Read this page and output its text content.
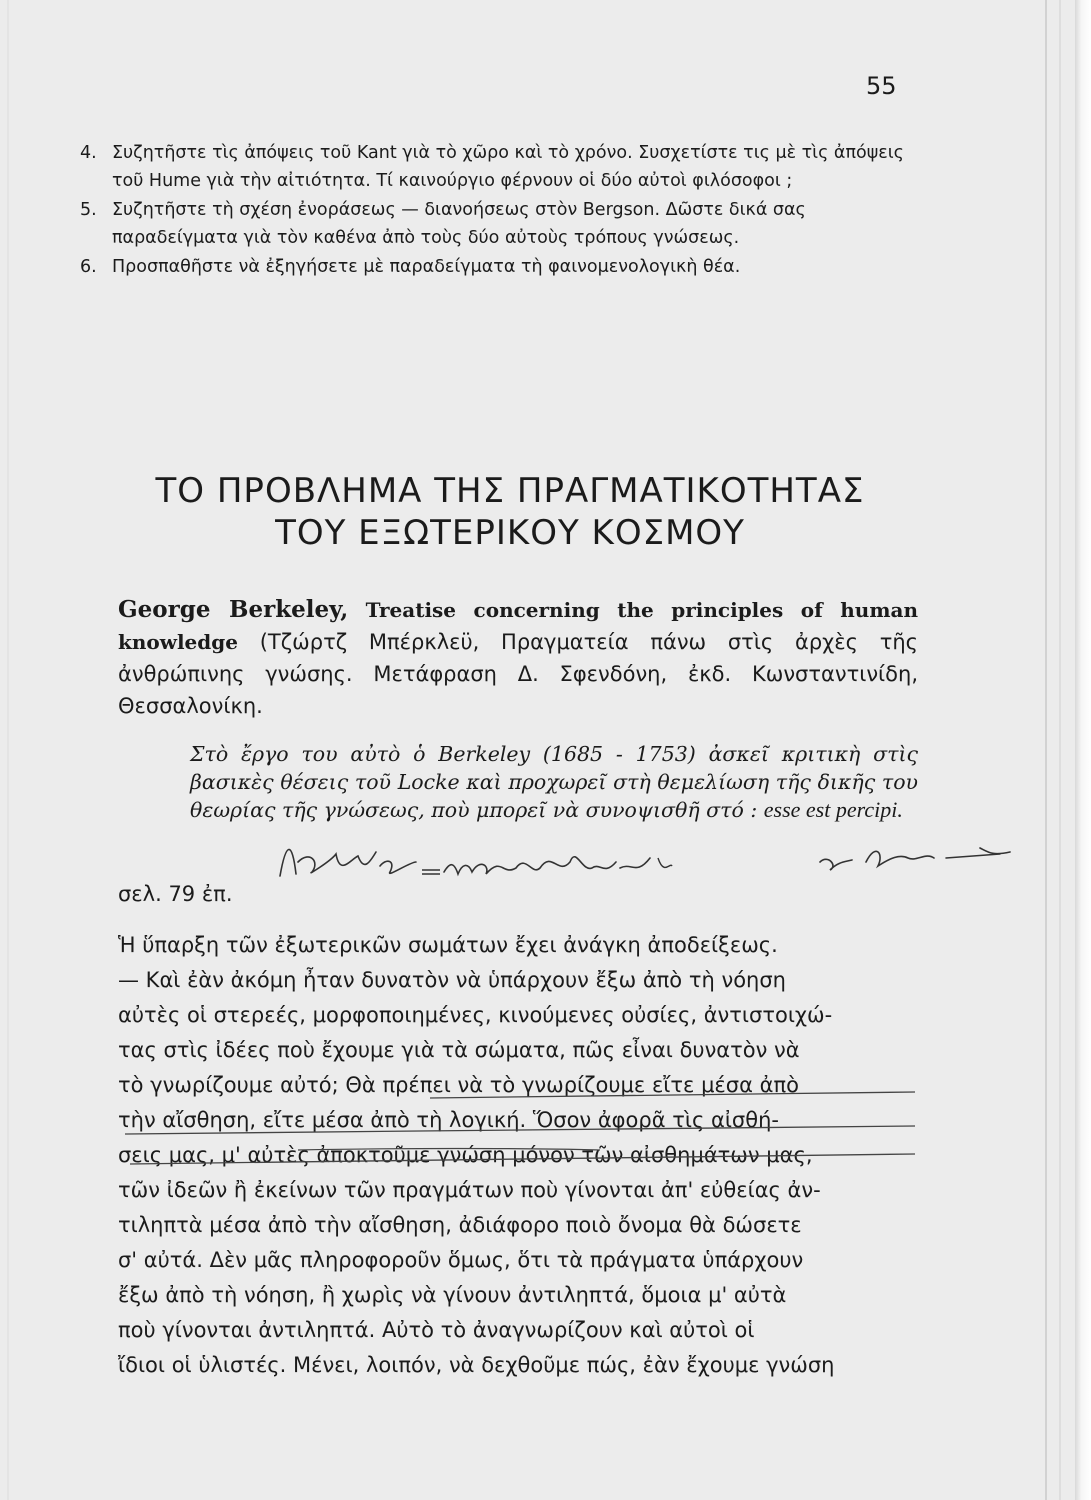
55
4. Συζητῆστε τὶς ἀπόψεις τοῦ Kant γιὰ τὸ χῶρο καὶ τὸ χρόνο. Συσχετίστε τις μὲ τὶς ἀπόψεις τοῦ Hume γιὰ τὴν αἰτιότητα. Τί καινούργιο φέρνουν οἱ δύο αὐτοὶ φιλόσοφοι ;
5. Συζητῆστε τὴ σχέση ἐνοράσεως — διανοήσεως στὸν Bergson. Δῶστε δικά σας παραδείγματα γιὰ τὸν καθένα ἀπὸ τοὺς δύο αὐτοὺς τρόπους γνώσεως.
6. Προσπαθῆστε νὰ ἐξηγήσετε μὲ παραδείγματα τὴ φαινομενολογικὴ θέα.
ΤΟ ΠΡΟΒΛΗΜΑ ΤΗΣ ΠΡΑΓΜΑΤΙΚΟΤΗΤΑΣ
ΤΟΥ ΕΞΩΤΕΡΙΚΟΥ ΚΟΣΜΟΥ
George Berkeley, Treatise concerning the principles of human knowledge (Τζώρτζ Μπέρκλεϋ, Πραγματεία πάνω στὶς ἀρχὲς τῆς ἀνθρώπινης γνώσης. Μετάφραση Δ. Σφενδόνη, ἐκδ. Κωνσταντινίδη, Θεσσαλονίκη.
Στὸ ἔργο του αὐτὸ ὁ Berkeley (1685 - 1753) ἀσκεῖ κριτικὴ στὶς βασικὲς θέσεις τοῦ Locke καὶ προχωρεῖ στὴ θεμελίωση τῆς δικῆς του θεωρίας τῆς γνώσεως, ποὺ μπορεῖ νὰ συνοψισθῆ στό : esse est percipi.
σελ. 79 ἐπ.
Ἡ ὕπαρξη τῶν ἐξωτερικῶν σωμάτων ἔχει ἀνάγκη ἀποδείξεως.
— Καὶ ἐὰν ἀκόμη ἦταν δυνατὸν νὰ ὑπάρχουν ἔξω ἀπὸ τὴ νόηση
αὐτὲς οἱ στερεές, μορφοποιημένες, κινούμενες οὐσίες, ἀντιστοιχώ-
τας στὶς ἰδέες ποὺ ἔχουμε γιὰ τὰ σώματα, πῶς εἶναι δυνατὸν νὰ
τὸ γνωρίζουμε αὐτό; Θὰ πρέπει νὰ τὸ γνωρίζουμε εἴτε μέσα ἀπὸ
τὴν αἴσθηση, εἴτε μέσα ἀπὸ τὴ λογική. Ὅσον ἀφορᾶ τὶς αἰσθή-
σεις μας, μ' αὐτὲς ἀποκτοῦμε γνώση μόνον τῶν αἰσθημάτων μας,
τῶν ἰδεῶν ἢ ἐκείνων τῶν πραγμάτων ποὺ γίνονται ἀπ' εὐθείας ἀν-
τιληπτὰ μέσα ἀπὸ τὴν αἴσθηση, ἀδιάφορο ποιὸ ὄνομα θὰ δώσετε
σ' αὐτά. Δὲν μᾶς πληροφοροῦν ὅμως, ὅτι τὰ πράγματα ὑπάρχουν
ἔξω ἀπὸ τὴ νόηση, ἢ χωρὶς νὰ γίνουν ἀντιληπτά, ὅμοια μ' αὐτὰ
ποὺ γίνονται ἀντιληπτά. Αὐτὸ τὸ ἀναγνωρίζουν καὶ αὐτοὶ οἱ
ἴδιοι οἱ ὑλιστές. Μένει, λοιπόν, νὰ δεχθοῦμε πώς, ἐὰν ἔχουμε γνώση
